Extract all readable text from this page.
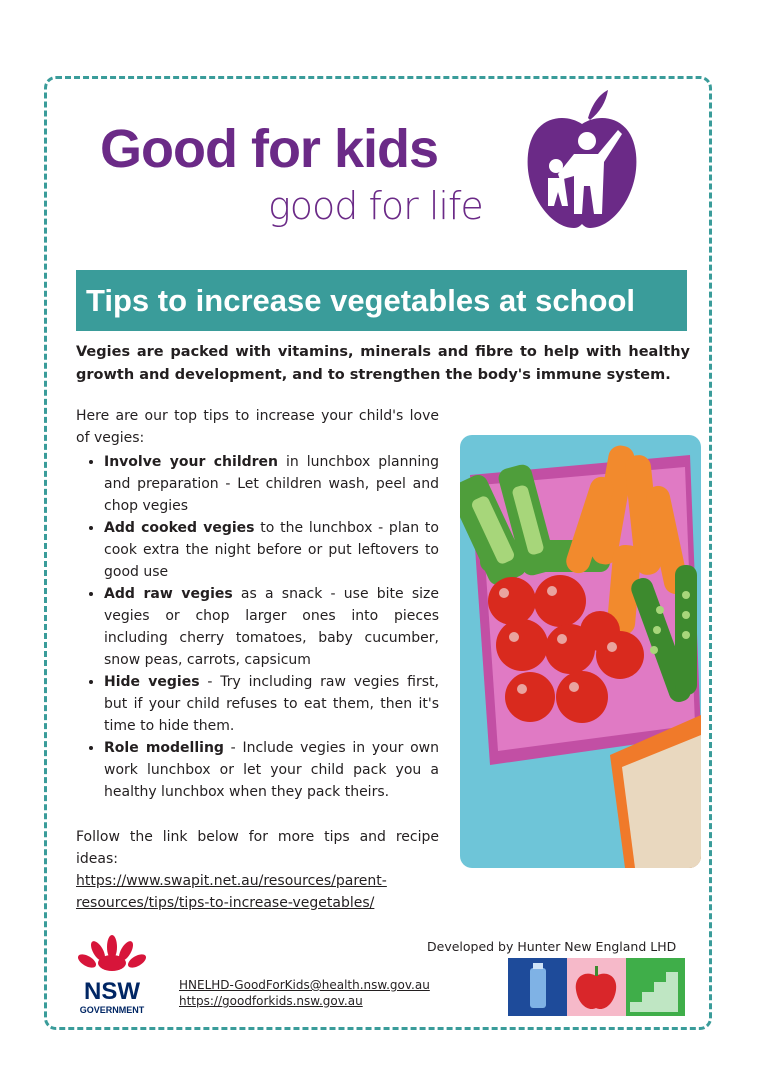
Good for kids
good for life
Tips to increase vegetables at school
Vegies are packed with vitamins, minerals and fibre to help with healthy growth and development, and to strengthen the body's immune system.

Here are our top tips to increase your child's love of vegies:

• Involve your children in lunchbox planning and preparation - Let children wash, peel and chop vegies
• Add cooked vegies to the lunchbox - plan to cook extra the night before or put leftovers to good use
• Add raw vegies as a snack - use bite size vegies or chop larger ones into pieces including cherry tomatoes, baby cucumber, snow peas, carrots, capsicum
• Hide vegies - Try including raw vegies first, but if your child refuses to eat them, then it's time to hide them.
• Role modelling - Include vegies in your own work lunchbox or let your child pack you a healthy lunchbox when they pack theirs.

Follow the link below for more tips and recipe ideas:

https://www.swapit.net.au/resources/parent-
resources/tips/tips-to-increase-vegetables/
NSW
GOVERNMENT
HNELHD-GoodForKids@health.nsw.gov.au
https://goodforkids.nsw.gov.au
Developed by Hunter New England LHD
